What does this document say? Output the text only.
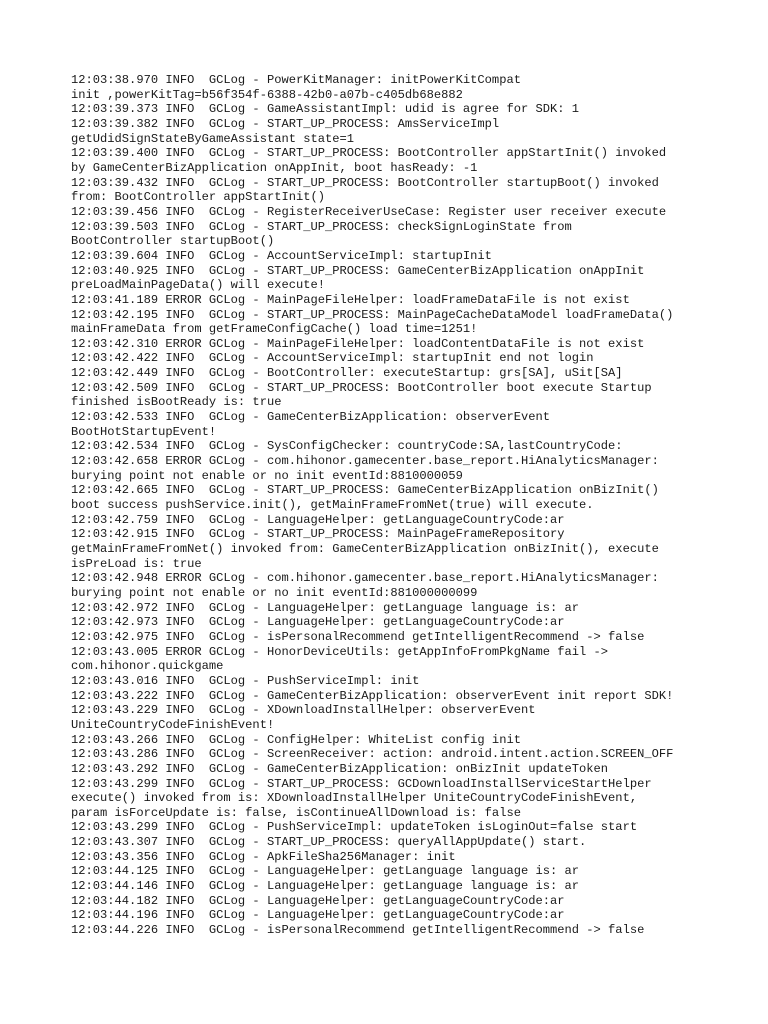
12:03:38.970 INFO  GCLog - PowerKitManager: initPowerKitCompat
init ,powerKitTag=b56f354f-6388-42b0-a07b-c405db68e882
12:03:39.373 INFO  GCLog - GameAssistantImpl: udid is agree for SDK: 1
12:03:39.382 INFO  GCLog - START_UP_PROCESS: AmsServiceImpl
getUdidSignStateByGameAssistant state=1
12:03:39.400 INFO  GCLog - START_UP_PROCESS: BootController appStartInit() invoked
by GameCenterBizApplication onAppInit, boot hasReady: -1
12:03:39.432 INFO  GCLog - START_UP_PROCESS: BootController startupBoot() invoked
from: BootController appStartInit()
12:03:39.456 INFO  GCLog - RegisterReceiverUseCase: Register user receiver execute
12:03:39.503 INFO  GCLog - START_UP_PROCESS: checkSignLoginState from
BootController startupBoot()
12:03:39.604 INFO  GCLog - AccountServiceImpl: startupInit
12:03:40.925 INFO  GCLog - START_UP_PROCESS: GameCenterBizApplication onAppInit
preLoadMainPageData() will execute!
12:03:41.189 ERROR GCLog - MainPageFileHelper: loadFrameDataFile is not exist
12:03:42.195 INFO  GCLog - START_UP_PROCESS: MainPageCacheDataModel loadFrameData()
mainFrameData from getFrameConfigCache() load time=1251!
12:03:42.310 ERROR GCLog - MainPageFileHelper: loadContentDataFile is not exist
12:03:42.422 INFO  GCLog - AccountServiceImpl: startupInit end not login
12:03:42.449 INFO  GCLog - BootController: executeStartup: grs[SA], uSit[SA]
12:03:42.509 INFO  GCLog - START_UP_PROCESS: BootController boot execute Startup
finished isBootReady is: true
12:03:42.533 INFO  GCLog - GameCenterBizApplication: observerEvent
BootHotStartupEvent!
12:03:42.534 INFO  GCLog - SysConfigChecker: countryCode:SA,lastCountryCode:
12:03:42.658 ERROR GCLog - com.hihonor.gamecenter.base_report.HiAnalyticsManager:
burying point not enable or no init eventId:8810000059
12:03:42.665 INFO  GCLog - START_UP_PROCESS: GameCenterBizApplication onBizInit()
boot success pushService.init(), getMainFrameFromNet(true) will execute.
12:03:42.759 INFO  GCLog - LanguageHelper: getLanguageCountryCode:ar
12:03:42.915 INFO  GCLog - START_UP_PROCESS: MainPageFrameRepository
getMainFrameFromNet() invoked from: GameCenterBizApplication onBizInit(), execute
isPreLoad is: true
12:03:42.948 ERROR GCLog - com.hihonor.gamecenter.base_report.HiAnalyticsManager:
burying point not enable or no init eventId:881000000099
12:03:42.972 INFO  GCLog - LanguageHelper: getLanguage language is: ar
12:03:42.973 INFO  GCLog - LanguageHelper: getLanguageCountryCode:ar
12:03:42.975 INFO  GCLog - isPersonalRecommend getIntelligentRecommend -> false
12:03:43.005 ERROR GCLog - HonorDeviceUtils: getAppInfoFromPkgName fail ->
com.hihonor.quickgame
12:03:43.016 INFO  GCLog - PushServiceImpl: init
12:03:43.222 INFO  GCLog - GameCenterBizApplication: observerEvent init report SDK!
12:03:43.229 INFO  GCLog - XDownloadInstallHelper: observerEvent
UniteCountryCodeFinishEvent!
12:03:43.266 INFO  GCLog - ConfigHelper: WhiteList config init
12:03:43.286 INFO  GCLog - ScreenReceiver: action: android.intent.action.SCREEN_OFF
12:03:43.292 INFO  GCLog - GameCenterBizApplication: onBizInit updateToken
12:03:43.299 INFO  GCLog - START_UP_PROCESS: GCDownloadInstallServiceStartHelper
execute() invoked from is: XDownloadInstallHelper UniteCountryCodeFinishEvent,
param isForceUpdate is: false, isContinueAllDownload is: false
12:03:43.299 INFO  GCLog - PushServiceImpl: updateToken isLoginOut=false start
12:03:43.307 INFO  GCLog - START_UP_PROCESS: queryAllAppUpdate() start.
12:03:43.356 INFO  GCLog - ApkFileSha256Manager: init
12:03:44.125 INFO  GCLog - LanguageHelper: getLanguage language is: ar
12:03:44.146 INFO  GCLog - LanguageHelper: getLanguage language is: ar
12:03:44.182 INFO  GCLog - LanguageHelper: getLanguageCountryCode:ar
12:03:44.196 INFO  GCLog - LanguageHelper: getLanguageCountryCode:ar
12:03:44.226 INFO  GCLog - isPersonalRecommend getIntelligentRecommend -> false
